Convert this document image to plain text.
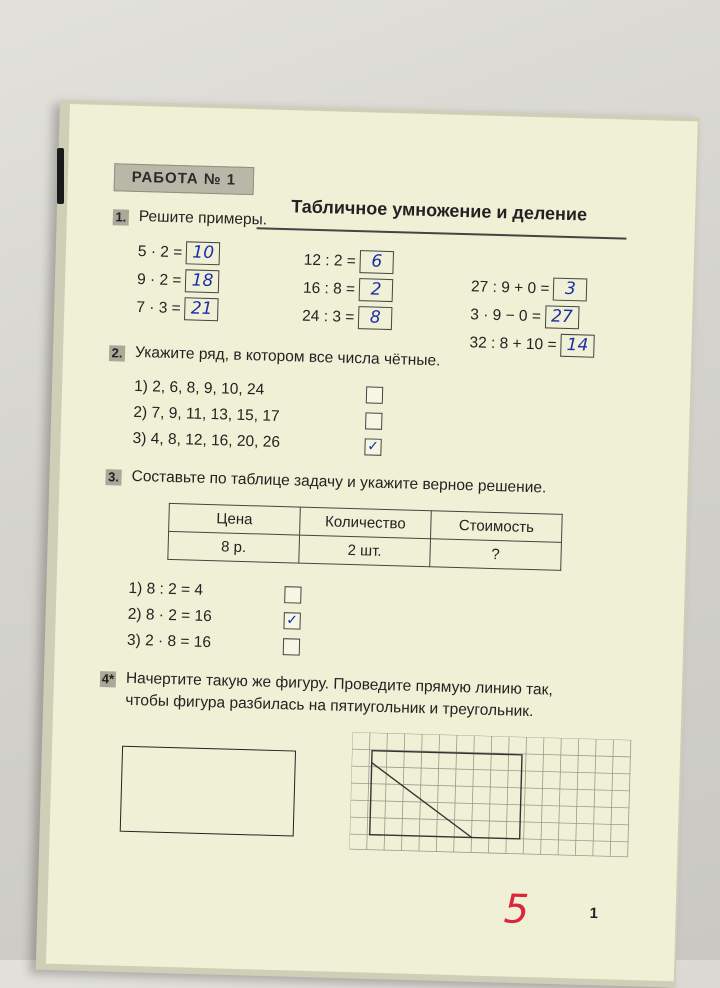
РАБОТА № 1
Табличное умножение и деление
1. Решите примеры.
5 · 2 = 10
9 · 2 = 18
7 · 3 = 21
12 : 2 = 6
16 : 8 = 2
24 : 3 = 8
27 : 9 + 0 = 3
3 · 9 − 0 = 27
32 : 8 + 10 = 14
2. Укажите ряд, в котором все числа чётные.
1) 2, 6, 8, 9, 10, 24
2) 7, 9, 11, 13, 15, 17
3) 4, 8, 12, 16, 20, 26	✓
3. Составьте по таблице задачу и укажите верное решение.
Цена	Количество	Стоимость
8 р.	2 шт.	?
1) 8 : 2 = 4
2) 8 · 2 = 16	✓
3) 2 · 8 = 16
4* Начертите такую же фигуру. Проведите прямую линию так,
чтобы фигура разбилась на пятиугольник и треугольник.
5	1
